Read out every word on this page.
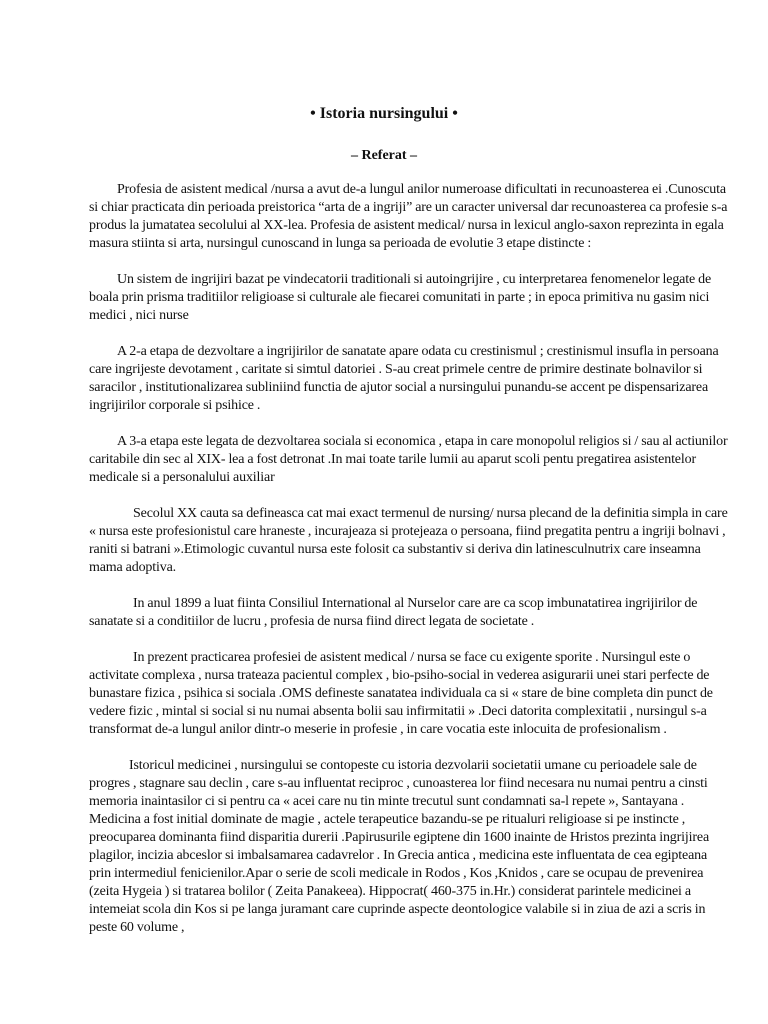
• Istoria nursingului •
– Referat –

Profesia de asistent medical /nursa a avut de-a lungul anilor numeroase dificultati in recunoasterea ei .Cunoscuta si chiar practicata din perioada preistorica “arta de a ingriji” are un caracter universal dar recunoasterea ca profesie s-a produs la jumatatea secolului al XX-lea. Profesia de asistent medical/ nursa in lexicul anglo-saxon reprezinta in egala masura stiinta si arta, nursingul cunoscand in lunga sa perioada de evolutie 3 etape distincte :

Un sistem de ingrijiri bazat pe vindecatorii traditionali si autoingrijire , cu interpretarea fenomenelor legate de boala prin prisma traditiilor religioase si culturale ale fiecarei comunitati in parte ; in epoca primitiva nu gasim nici medici , nici nurse

A 2-a etapa de dezvoltare a ingrijirilor de sanatate apare odata cu crestinismul ; crestinismul insufla in persoana care ingrijeste devotament , caritate si simtul datoriei . S-au creat primele centre de primire destinate bolnavilor si saracilor , institutionalizarea subliniind functia de ajutor social a nursingului punandu-se accent pe dispensarizarea ingrijirilor corporale si psihice .

A 3-a etapa este legata de dezvoltarea sociala si economica , etapa in care monopolul religios si / sau al actiunilor caritabile din sec al XIX- lea a fost detronat .In mai toate tarile lumii au aparut scoli pentu pregatirea asistentelor medicale si a personalului auxiliar

Secolul XX cauta sa defineasca cat mai exact termenul de nursing/ nursa plecand de la definitia simpla in care « nursa este profesionistul care hraneste , incurajeaza si protejeaza o persoana, fiind pregatita pentru a ingriji bolnavi , raniti si batrani ».Etimologic cuvantul nursa este folosit ca substantiv si deriva din latinesculnutrix care inseamna mama adoptiva.

In anul 1899 a luat fiinta Consiliul International al Nurselor care are ca scop imbunatatirea ingrijirilor de sanatate si a conditiilor de lucru , profesia de nursa fiind direct legata de societate .

In prezent practicarea profesiei de asistent medical / nursa se face cu exigente sporite . Nursingul este o activitate complexa , nursa trateaza pacientul complex , bio-psiho-social in vederea asigurarii unei stari perfecte de bunastare fizica , psihica si sociala .OMS defineste sanatatea individuala ca si « stare de bine completa din punct de vedere fizic , mintal si social si nu numai absenta bolii sau infirmitatii » .Deci datorita complexitatii , nursingul s-a transformat de-a lungul anilor dintr-o meserie in profesie , in care vocatia este inlocuita de profesionalism .

Istoricul medicinei , nursingului se contopeste cu istoria dezvolarii societatii umane cu perioadele sale de progres , stagnare sau declin , care s-au influentat reciproc , cunoasterea lor fiind necesara nu numai pentru a cinsti memoria inaintasilor ci si pentru ca « acei care nu tin minte trecutul sunt condamnati sa-l repete », Santayana . Medicina a fost initial dominate de magie , actele terapeutice bazandu-se pe ritualuri religioase si pe instincte , preocuparea dominanta fiind disparitia durerii .Papirusurile egiptene din 1600 inainte de Hristos prezinta ingrijirea plagilor, incizia abceslor si imbalsamarea cadavrelor . In Grecia antica , medicina este influentata de cea egipteana prin intermediul fenicienilor.Apar o serie de scoli medicale in Rodos , Kos ,Knidos , care se ocupau de prevenirea (zeita Hygeia ) si tratarea bolilor ( Zeita Panakeea). Hippocrat( 460-375 in.Hr.) considerat parintele medicinei a intemeiat scola din Kos si pe langa juramant care cuprinde aspecte deontologice valabile si in ziua de azi a scris in peste 60 volume ,
